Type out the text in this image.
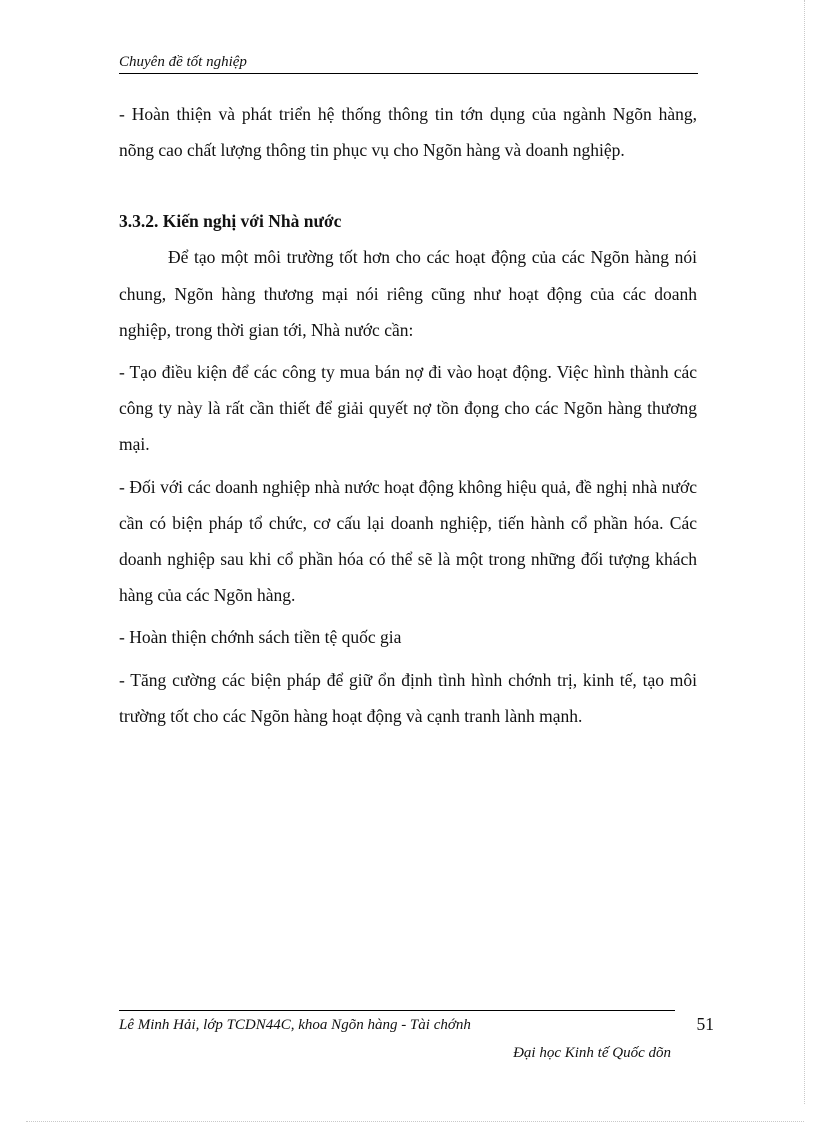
Chuyên đề tốt nghiệp

- Hoàn thiện và phát triển hệ thống thông tin tớn dụng của ngành Ngõn hàng, nõng cao chất lượng thông tin phục vụ cho Ngõn hàng và doanh nghiệp.

3.3.2. Kiến nghị với Nhà nước

Để tạo một môi trường tốt hơn cho các hoạt động của các Ngõn hàng nói chung, Ngõn hàng thương mại nói riêng cũng như hoạt động của các doanh nghiệp, trong thời gian tới, Nhà nước cần:

- Tạo điều kiện để các công ty mua bán nợ đi vào hoạt động. Việc hình thành các công ty này là rất cần thiết để giải quyết nợ tồn đọng cho các Ngõn hàng thương mại.

- Đối với các doanh nghiệp nhà nước hoạt động không hiệu quả, đề nghị nhà nước cần có biện pháp tổ chức, cơ cấu lại doanh nghiệp, tiến hành cổ phần hóa. Các doanh nghiệp sau khi cổ phần hóa có thể sẽ là một trong những đối tượng khách hàng của các Ngõn hàng.

- Hoàn thiện chớnh sách tiền tệ quốc gia

- Tăng cường các biện pháp để giữ ổn định tình hình chớnh trị, kinh tế, tạo môi trường tốt cho các Ngõn hàng hoạt động và cạnh tranh lành mạnh.

Lê Minh Hải, lớp TCDN44C, khoa Ngõn hàng - Tài chớnh	51
Đại học Kinh tế Quốc dõn
